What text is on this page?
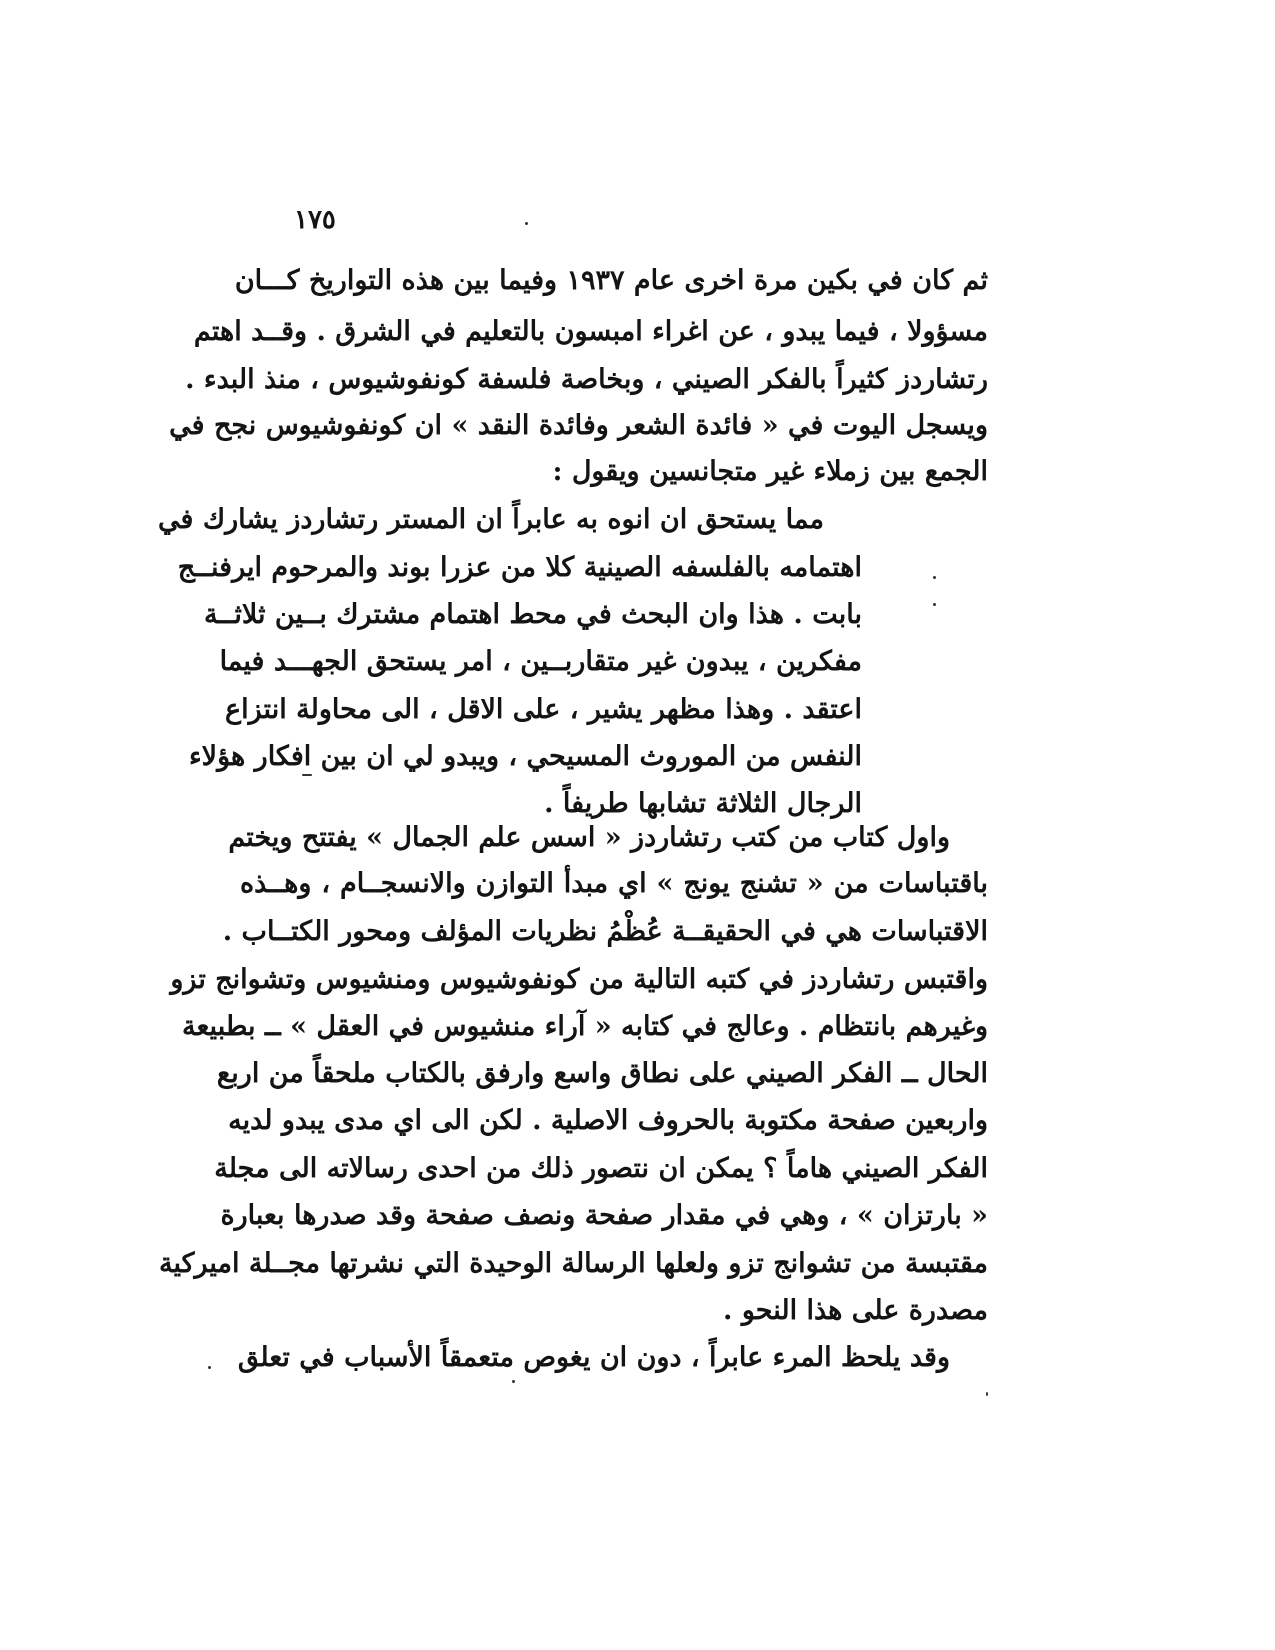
١٧٥
ثم كان في بكين مرة اخرى عام ١٩٣٧ وفيما بين هذه التواريخ كـــان
مسؤولا ، فيما يبدو ، عن اغراء امبسون بالتعليم في الشرق . وقــد اهتم
رتشاردز كثيراً بالفكر الصيني ، وبخاصة فلسفة كونفوشيوس ، منذ البدء .
ويسجل اليوت في « فائدة الشعر وفائدة النقد » ان كونفوشيوس نجح في
الجمع بين زملاء غير متجانسين ويقول :
مما يستحق ان انوه به عابراً ان المستر رتشاردز يشارك في
اهتمامه بالفلسفه الصينية كلا من عزرا بوند والمرحوم ايرفنــج
بابت . هذا وان البحث في محط اهتمام مشترك بــين ثلاثــة
مفكرين ، يبدون غير متقاربــين ، امر يستحق الجهـــد فيما
اعتقد . وهذا مظهر يشير ، على الاقل ، الى محاولة انتزاع
النفس من الموروث المسيحي ، ويبدو لي ان بين افكار هؤلاء
الرجال الثلاثة تشابها طريفاً .
واول كتاب من كتب رتشاردز « اسس علم الجمال » يفتتح ويختم
باقتباسات من « تشنج يونج » اي مبدأ التوازن والانسجــام ، وهــذه
الاقتباسات هي في الحقيقــة عُظْمُ نظريات المؤلف ومحور الكتــاب .
واقتبس رتشاردز في كتبه التالية من كونفوشيوس ومنشيوس وتشوانج تزو
وغيرهم بانتظام . وعالج في كتابه « آراء منشيوس في العقل » ــ بطبيعة
الحال ــ الفكر الصيني على نطاق واسع وارفق بالكتاب ملحقاً من اربع
واربعين صفحة مكتوبة بالحروف الاصلية . لكن الى اي مدى يبدو لديه
الفكر الصيني هاماً ؟ يمكن ان نتصور ذلك من احدى رسالاته الى مجلة
« بارتزان » ، وهي في مقدار صفحة ونصف صفحة وقد صدرها بعبارة
مقتبسة من تشوانج تزو ولعلها الرسالة الوحيدة التي نشرتها مجــلة اميركية
مصدرة على هذا النحو .
وقد يلحظ المرء عابراً ، دون ان يغوص متعمقاً الأسباب في تعلق
